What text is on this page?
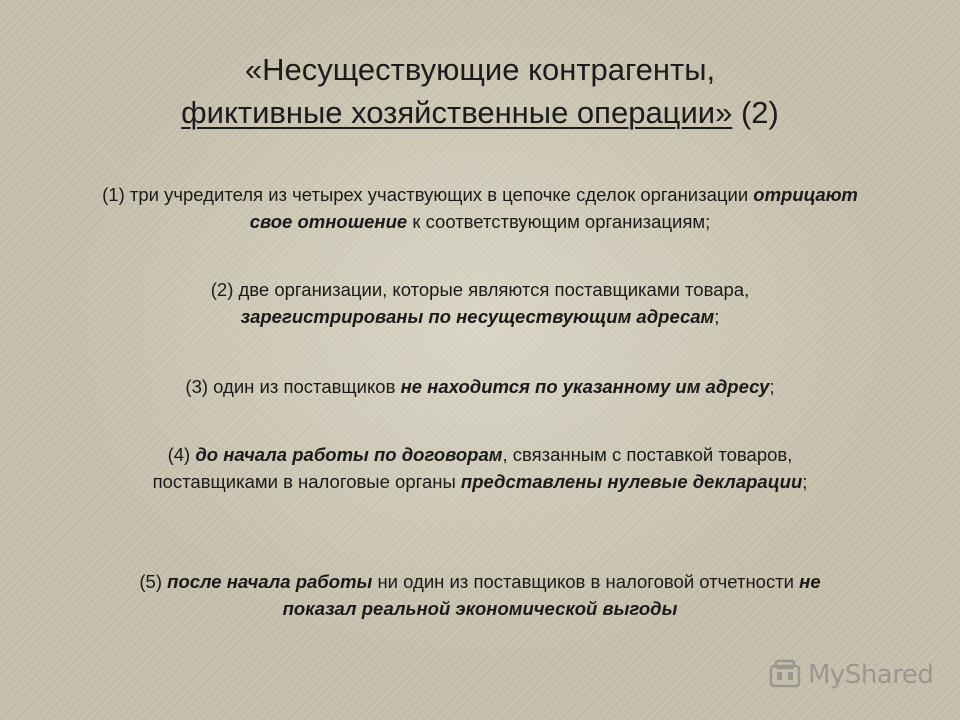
«Несуществующие контрагенты,
фиктивные хозяйственные операции» (2)
(1) три учредителя из четырех участвующих в цепочке сделок организации отрицают свое отношение к соответствующим организациям;
(2) две организации, которые являются поставщиками товара, зарегистрированы по несуществующим адресам;
(3) один из поставщиков не находится по указанному им адресу;
(4) до начала работы по договорам, связанным с поставкой товаров, поставщиками в налоговые органы представлены нулевые декларации;
(5) после начала работы ни один из поставщиков в налоговой отчетности не показал реальной экономической выгоды
MyShared
